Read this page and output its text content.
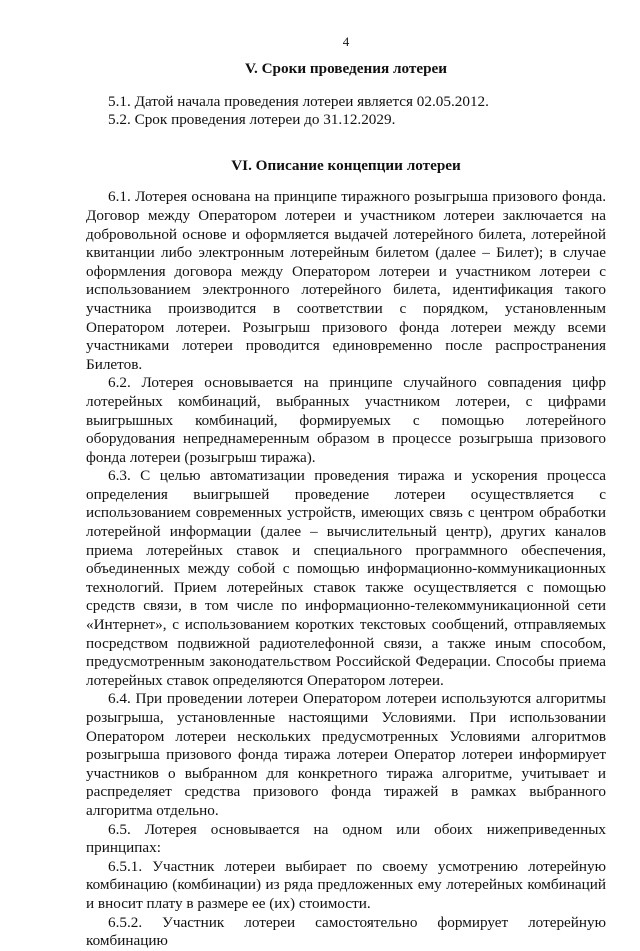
4
V. Сроки проведения лотереи

5.1. Датой начала проведения лотереи является 02.05.2012.

5.2. Срок проведения лотереи до 31.12.2029.

VI. Описание концепции лотереи

6.1. Лотерея основана на принципе тиражного розыгрыша призового фонда. Договор между Оператором лотереи и участником лотереи заключается на добровольной основе и оформляется выдачей лотерейного билета, лотерейной квитанции либо электронным лотерейным билетом (далее – Билет); в случае оформления договора между Оператором лотереи и участником лотереи с использованием электронного лотерейного билета, идентификация такого участника производится в соответствии с порядком, установленным Оператором лотереи. Розыгрыш призового фонда лотереи между всеми участниками лотереи проводится единовременно после распространения Билетов.

6.2. Лотерея основывается на принципе случайного совпадения цифр лотерейных комбинаций, выбранных участником лотереи, с цифрами выигрышных комбинаций, формируемых с помощью лотерейного оборудования непреднамеренным образом в процессе розыгрыша призового фонда лотереи (розыгрыш тиража).

6.3. С целью автоматизации проведения тиража и ускорения процесса определения выигрышей проведение лотереи осуществляется с использованием современных устройств, имеющих связь с центром обработки лотерейной информации (далее – вычислительный центр), других каналов приема лотерейных ставок и специального программного обеспечения, объединенных между собой с помощью информационно-коммуникационных технологий. Прием лотерейных ставок также осуществляется с помощью средств связи, в том числе по информационно-телекоммуникационной сети «Интернет», с использованием коротких текстовых сообщений, отправляемых посредством подвижной радиотелефонной связи, а также иным способом, предусмотренным законодательством Российской Федерации. Способы приема лотерейных ставок определяются Оператором лотереи.

6.4. При проведении лотереи Оператором лотереи используются алгоритмы розыгрыша, установленные настоящими Условиями. При использовании Оператором лотереи нескольких предусмотренных Условиями алгоритмов розыгрыша призового фонда тиража лотереи Оператор лотереи информирует участников о выбранном для конкретного тиража алгоритме, учитывает и распределяет средства призового фонда тиражей в рамках выбранного алгоритма отдельно.

6.5. Лотерея основывается на одном или обоих нижеприведенных принципах:

6.5.1. Участник лотереи выбирает по своему усмотрению лотерейную комбинацию (комбинации) из ряда предложенных ему лотерейных комбинаций и вносит плату в размере ее (их) стоимости.

6.5.2. Участник лотереи самостоятельно формирует лотерейную комбинацию
